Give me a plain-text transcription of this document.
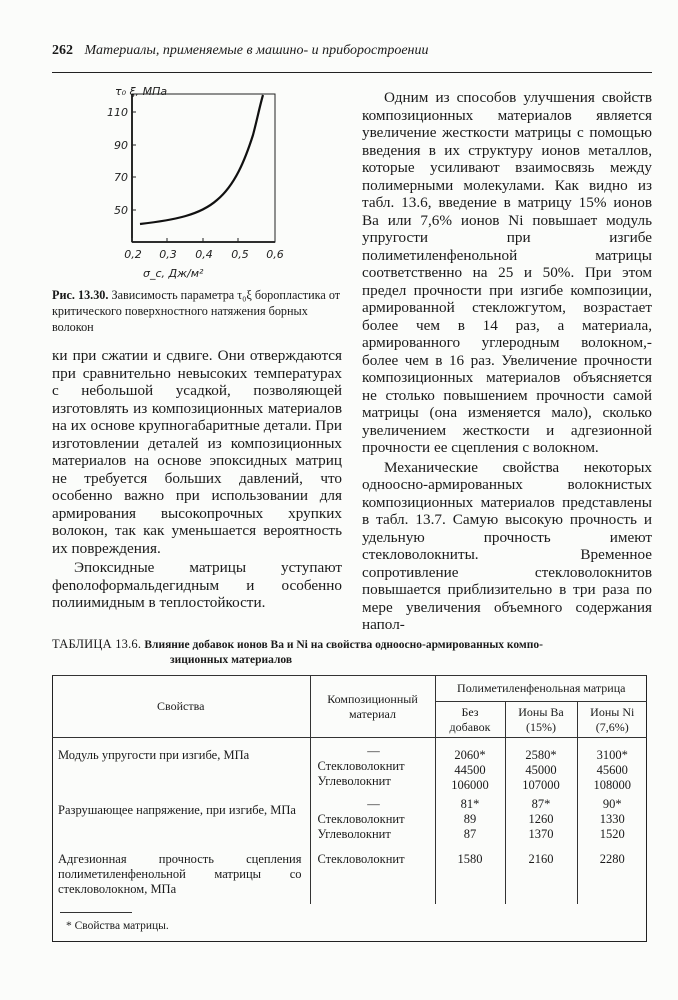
262 Материалы, применяемые в машино- и приборостроении
τ₀ ξ, МПа
σ_c, Дж/м²
50
70
90
110
0,2 0,3 0,4 0,5 0,6
Рис. 13.30. Зависимость параметра τ₀ξ боропластика от критического поверхностного натяжения борных волокон

ки при сжатии и сдвиге. Они отверждаются при сравнительно невысоких температурах с небольшой усадкой, позволяющей изготовлять из композиционных материалов на их основе крупногабаритные детали. При изготовлении деталей из композиционных материалов на основе эпоксидных матриц не требуется больших давлений, что особенно важно при использовании для армирования высокопрочных хрупких волокон, так как уменьшается вероятность их повреждения.

Эпоксидные матрицы уступают фenoлоформальдегидным и особенно полиимидным в теплостойкости.

Одним из способов улучшения свойств композиционных материалов является увеличение жесткости матрицы с помощью введения в их структуру ионов металлов, которые усиливают взаимосвязь между полимерными молекулами. Как видно из табл. 13.6, введение в матрицу 15% ионов Ba или 7,6% ионов Ni повышает модуль упругости при изгибе полиметиленфенольной матрицы соответственно на 25 и 50%. При этом предел прочности при изгибе композиции, армированной стекложгутом, возрастает более чем в 14 раз, а материала, армированного углеродным волокном,- более чем в 16 раз. Увеличение прочности композиционных материалов объясняется не столько повышением прочности самой матрицы (она изменяется мало), сколько увеличением жесткости и адгезионной прочности ее сцепления с волокном.

Механические свойства некоторых одноосно-армированных волокнистых композиционных материалов представлены в табл. 13.7. Самую высокую прочность и удельную прочность имеют стекловолокниты. Временное сопротивление стекловолокнитов повышается приблизительно в три раза по мере увеличения объемного содержания напол-

ТАБЛИЦА 13.6. Влияние добавок ионов Ba и Ni на свойства одноосно-армированных компо-
зиционных материалов
Свойства	Композиционный материал	Полиметиленфенольная матрица		
		Без добавок	Ионы Ba (15%)	Ионы Ni (7,6%)
Модуль упругости при изгибе, МПа	—
Стекловолокнит
Углеволокнит	2060*
44500
106000	2580*
45000
107000	3100*
45600
108000

Разрушающее напряжение, при изгибе, МПа	—
Стекловолокнит
Углеволокнит	81*
89
87	87*
1260
1370	90*
1330
1520

Адгезионная прочность сцепления полиметиленфенольной матрицы со стекловолокном, МПа	Стекловолокнит	1580	2160	2280
* Свойства матрицы.
